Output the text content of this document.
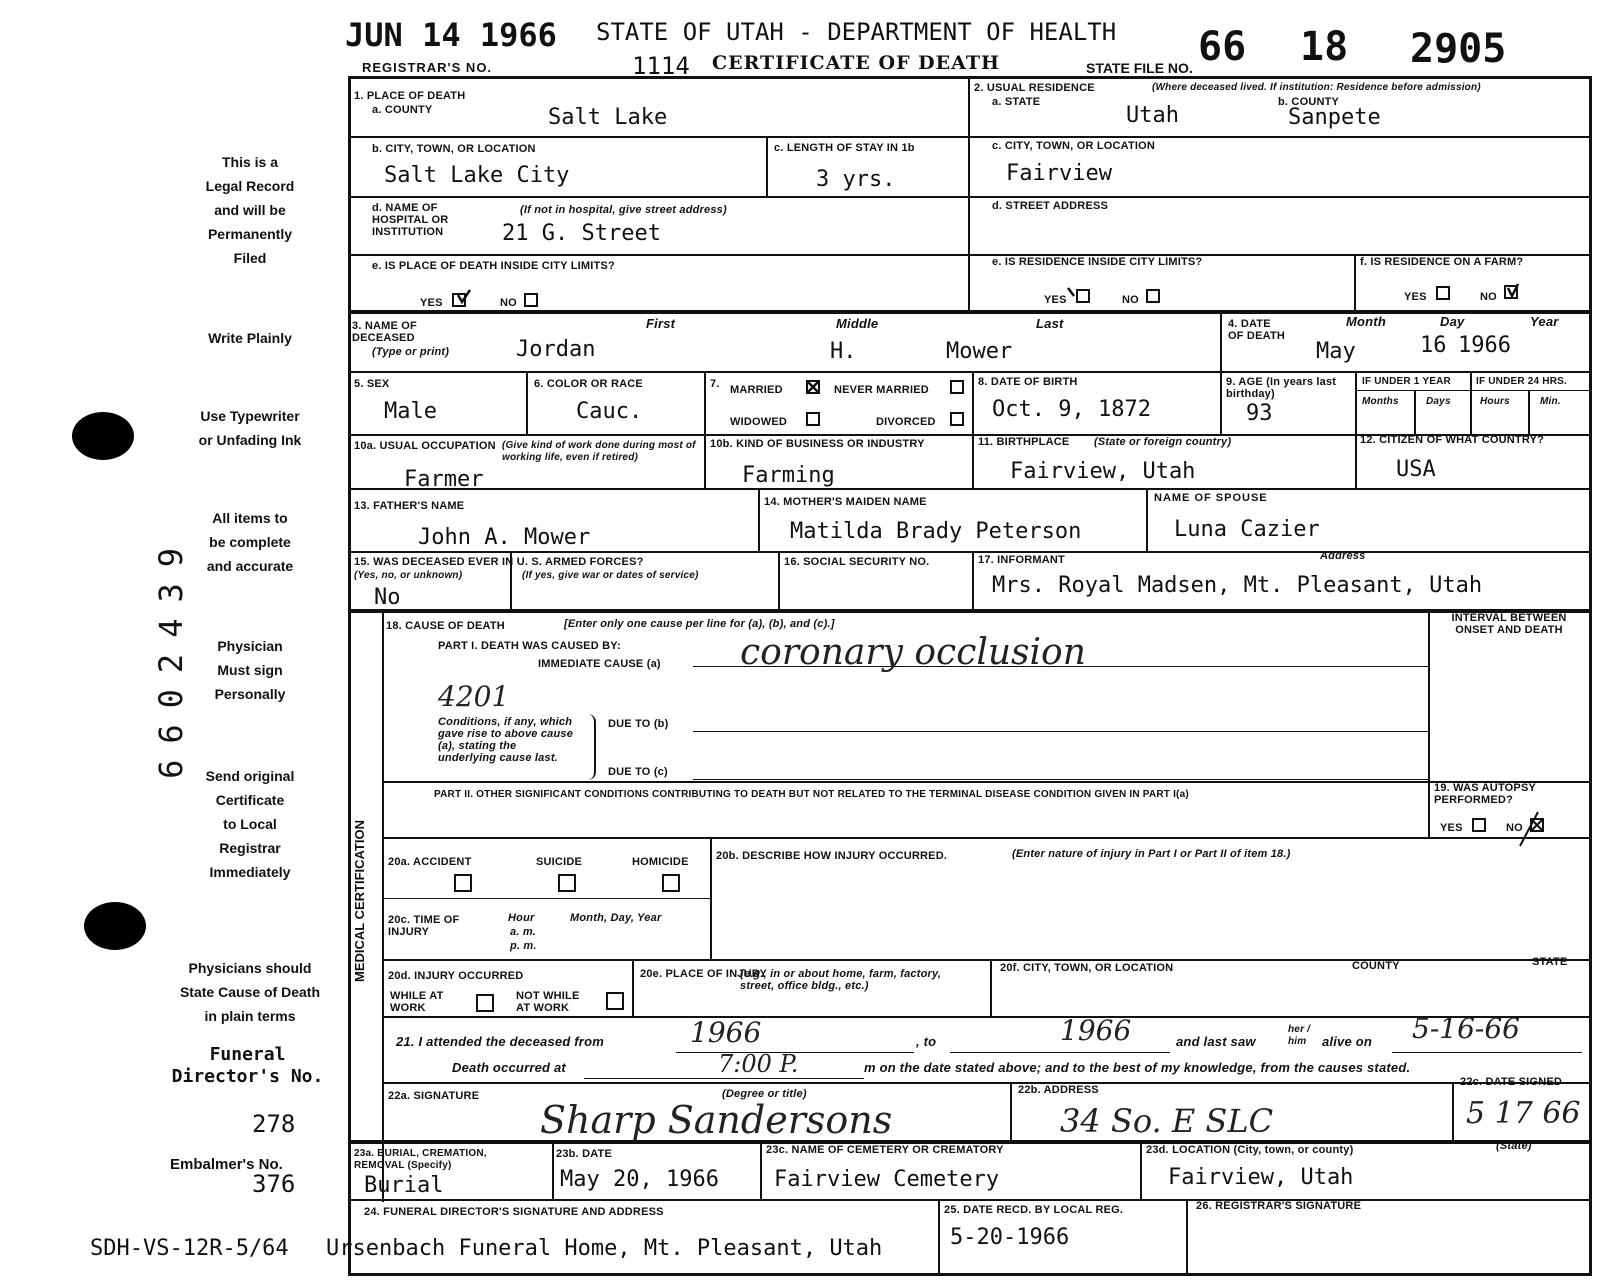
JUN 14 1966 STATE OF UTAH - DEPARTMENT OF HEALTH
REGISTRAR'S NO.	1114 CERTIFICATE OF DEATH	STATE FILE NO. 66 18 2905
This is a
Legal Record
and will be
Permanently
Filed
Write Plainly
Use Typewriter
or Unfading Ink
All items to
be complete
and accurate
Physician
Must sign
Personally
Send original
Certificate
to Local
Registrar
Immediately
Physicians should
State Cause of Death
in plain terms
Funeral
Director's No.
278
Embalmer's No.
376
6602439
1. PLACE OF DEATH
a. COUNTY	Salt Lake
2. USUAL RESIDENCE	(Where deceased lived. If institution: Residence before admission)
a. STATE	b. COUNTY
Utah	Sanpete
b. CITY, TOWN, OR LOCATION
Salt Lake City
c. LENGTH OF STAY IN 1b
3 yrs.
c. CITY, TOWN, OR LOCATION
Fairview
d. NAME OF HOSPITAL OR INSTITUTION
(If not in hospital, give street address)
21 G. Street
d. STREET ADDRESS
e. IS PLACE OF DEATH INSIDE CITY LIMITS?
YES	NO
e. IS RESIDENCE INSIDE CITY LIMITS?
YES	NO
f. IS RESIDENCE ON A FARM?
YES	NO
3. NAME OF DECEASED
(Type or print)
First	Middle	Last
Jordan	H.	Mower
4. DATE OF DEATH
Month	Day	Year
May	16 1966
5. SEX
Male
6. COLOR OR RACE
Cauc.
7. MARRIED	NEVER MARRIED
WIDOWED	DIVORCED
8. DATE OF BIRTH
Oct. 9, 1872
9. AGE (In years last birthday)
93
IF UNDER 1 YEAR	IF UNDER 24 HRS.
Months	Days	Hours	Min.
10a. USUAL OCCUPATION (Give kind of work done during most of working life, even if retired)
Farmer
10b. KIND OF BUSINESS OR INDUSTRY
Farming
11. BIRTHPLACE (State or foreign country)
Fairview, Utah
12. CITIZEN OF WHAT COUNTRY?
USA
13. FATHER'S NAME
John A. Mower
14. MOTHER'S MAIDEN NAME
Matilda Brady Peterson
NAME OF SPOUSE
Luna Cazier
15. WAS DECEASED EVER IN U. S. ARMED FORCES?
(Yes, no, or unknown)	(If yes, give war or dates of service)
No
16. SOCIAL SECURITY NO.	17. INFORMANT	Address
Mrs. Royal Madsen, Mt. Pleasant, Utah
MEDICAL CERTIFICATION
18. CAUSE OF DEATH	[Enter only one cause per line for (a), (b), and (c).]
PART I. DEATH WAS CAUSED BY:
IMMEDIATE CAUSE (a) coronary occlusion
4201
Conditions, if any, which gave rise to above cause (a), stating the underlying cause last.
DUE TO (b)
DUE TO (c)
INTERVAL BETWEEN ONSET AND DEATH
PART II. OTHER SIGNIFICANT CONDITIONS CONTRIBUTING TO DEATH BUT NOT RELATED TO THE TERMINAL DISEASE CONDITION GIVEN IN PART I(a)
19. WAS AUTOPSY PERFORMED?
YES	NO
20a. ACCIDENT	SUICIDE	HOMICIDE 20b. DESCRIBE HOW INJURY OCCURRED.	(Enter nature of injury in Part I or Part II of item 18.)
20c. TIME OF INJURY
Hour
a. m.
p. m.
Month, Day, Year
20d. INJURY OCCURRED
WHILE AT WORK
NOT WHILE AT WORK
20e. PLACE OF INJURY
(e.g., in or about home, farm, factory, street, office bldg., etc.)
20f. CITY, TOWN, OR LOCATION	COUNTY	STATE
21. I attended the deceased from	1966	, to	1966	and last saw
her / him	alive on 5-16-66
Death occurred at	7:00 P.	m on the date stated above; and to the best of my knowledge, from the causes stated.
22a. SIGNATURE	(Degree or title)
Sharp Sandersons
22b. ADDRESS
34 So. E SLC
22c. DATE SIGNED
5 17 66
23a. BURIAL, CREMATION, REMOVAL (Specify)
Burial
23b. DATE
May 20, 1966
23c. NAME OF CEMETERY OR CREMATORY
Fairview Cemetery
23d. LOCATION (City, town, or county)	(State)
Fairview, Utah
24. FUNERAL DIRECTOR'S SIGNATURE AND ADDRESS	25. DATE RECD. BY LOCAL REG.
5-20-1966
26. REGISTRAR'S SIGNATURE
SDH-VS-12R-5/64 Ursenbach Funeral Home, Mt. Pleasant, Utah
